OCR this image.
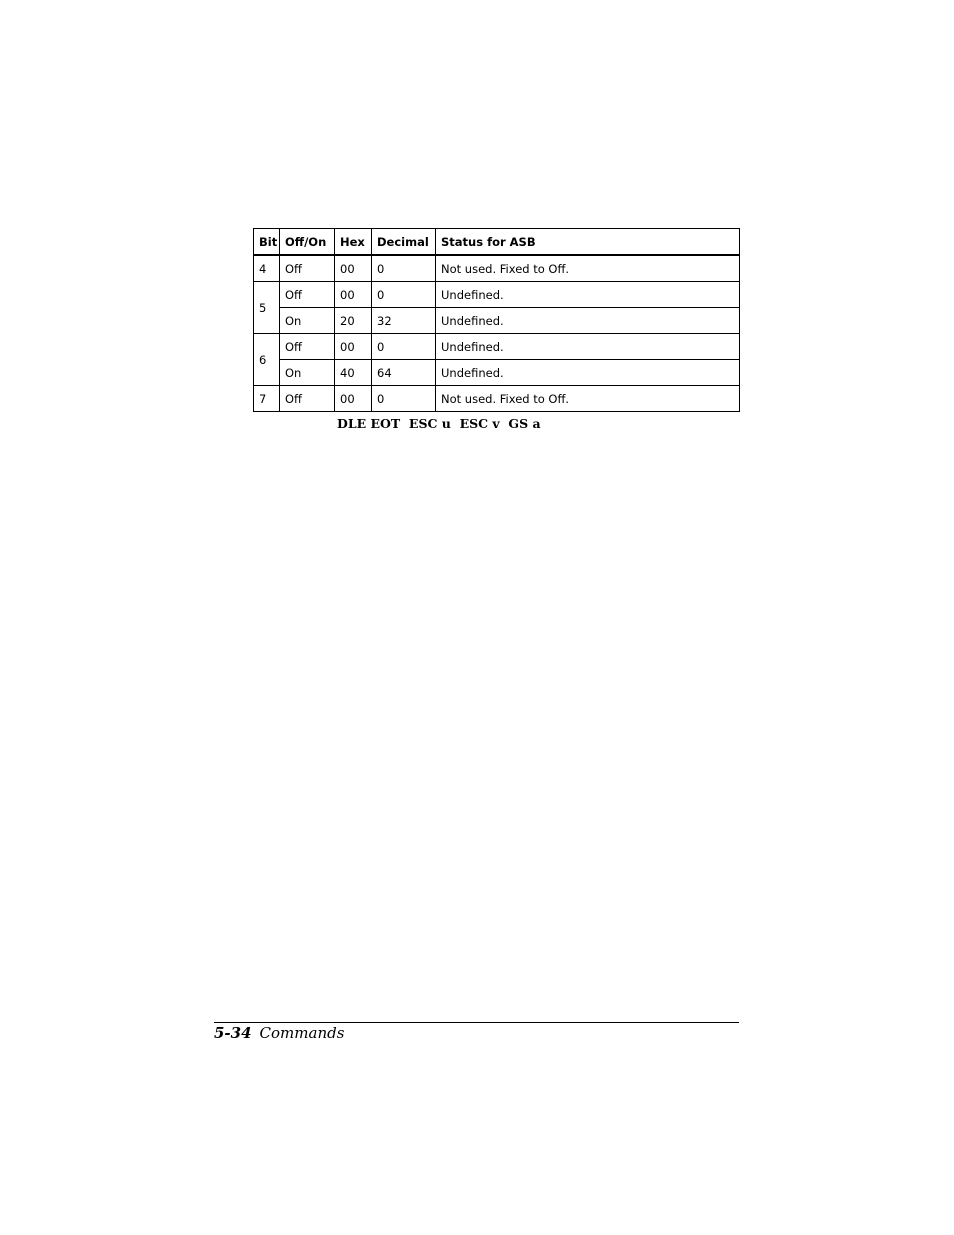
Bit	Off/On	Hex	Decimal	Status for ASB
4	Off	00	0	Not used. Fixed to Off.
5	Off	00	0	Undefined.
	On	20	32	Undefined.
6	Off	00	0	Undefined.
	On	40	64	Undefined.
7	Off	00	0	Not used. Fixed to Off.
DLE EOT  ESC u  ESC v  GS a
5-34 Commands
